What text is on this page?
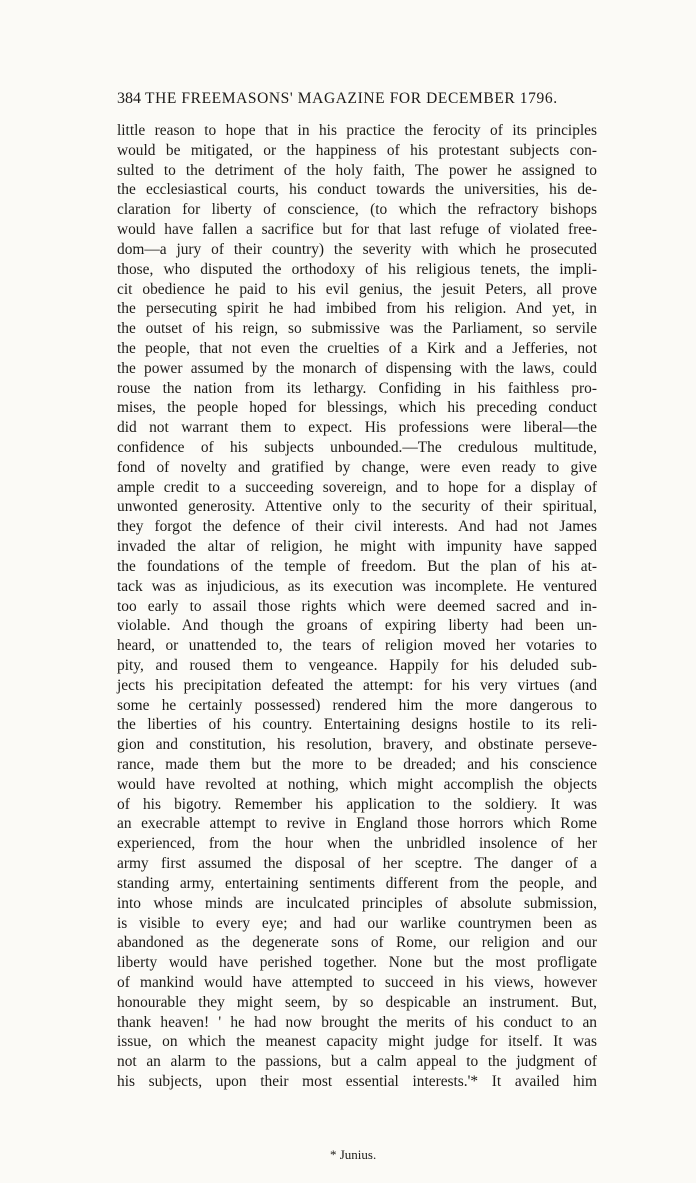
384 THE FREEMASONS' MAGAZINE FOR DECEMBER 1796.
little reason to hope that in his practice the ferocity of its principles
would be mitigated, or the happiness of his protestant subjects con-
sulted to the detriment of the holy faith, The power he assigned to
the ecclesiastical courts, his conduct towards the universities, his de-
claration for liberty of conscience, (to which the refractory bishops
would have fallen a sacrifice but for that last refuge of violated free-
dom—a jury of their country) the severity with which he prosecuted
those, who disputed the orthodoxy of his religious tenets, the impli-
cit obedience he paid to his evil genius, the jesuit Peters, all prove
the persecuting spirit he had imbibed from his religion. And yet, in
the outset of his reign, so submissive was the Parliament, so servile
the people, that not even the cruelties of a Kirk and a Jefferies, not
the power assumed by the monarch of dispensing with the laws, could
rouse the nation from its lethargy. Confiding in his faithless pro-
mises, the people hoped for blessings, which his preceding conduct
did not warrant them to expect. His professions were liberal—the
confidence of his subjects unbounded.—The credulous multitude,
fond of novelty and gratified by change, were even ready to give
ample credit to a succeeding sovereign, and to hope for a display of
unwonted generosity. Attentive only to the security of their spiritual,
they forgot the defence of their civil interests. And had not James
invaded the altar of religion, he might with impunity have sapped
the foundations of the temple of freedom. But the plan of his at-
tack was as injudicious, as its execution was incomplete. He ventured
too early to assail those rights which were deemed sacred and in-
violable. And though the groans of expiring liberty had been un-
heard, or unattended to, the tears of religion moved her votaries to
pity, and roused them to vengeance. Happily for his deluded sub-
jects his precipitation defeated the attempt: for his very virtues (and
some he certainly possessed) rendered him the more dangerous to
the liberties of his country. Entertaining designs hostile to its reli-
gion and constitution, his resolution, bravery, and obstinate perseve-
rance, made them but the more to be dreaded; and his conscience
would have revolted at nothing, which might accomplish the objects
of his bigotry. Remember his application to the soldiery. It was
an execrable attempt to revive in England those horrors which Rome
experienced, from the hour when the unbridled insolence of her
army first assumed the disposal of her sceptre. The danger of a
standing army, entertaining sentiments different from the people, and
into whose minds are inculcated principles of absolute submission,
is visible to every eye; and had our warlike countrymen been as
abandoned as the degenerate sons of Rome, our religion and our
liberty would have perished together. None but the most profligate
of mankind would have attempted to succeed in his views, however
honourable they might seem, by so despicable an instrument. But,
thank heaven! ' he had now brought the merits of his conduct to an
issue, on which the meanest capacity might judge for itself. It was
not an alarm to the passions, but a calm appeal to the judgment of
his subjects, upon their most essential interests.'* It availed him
* Junius.
